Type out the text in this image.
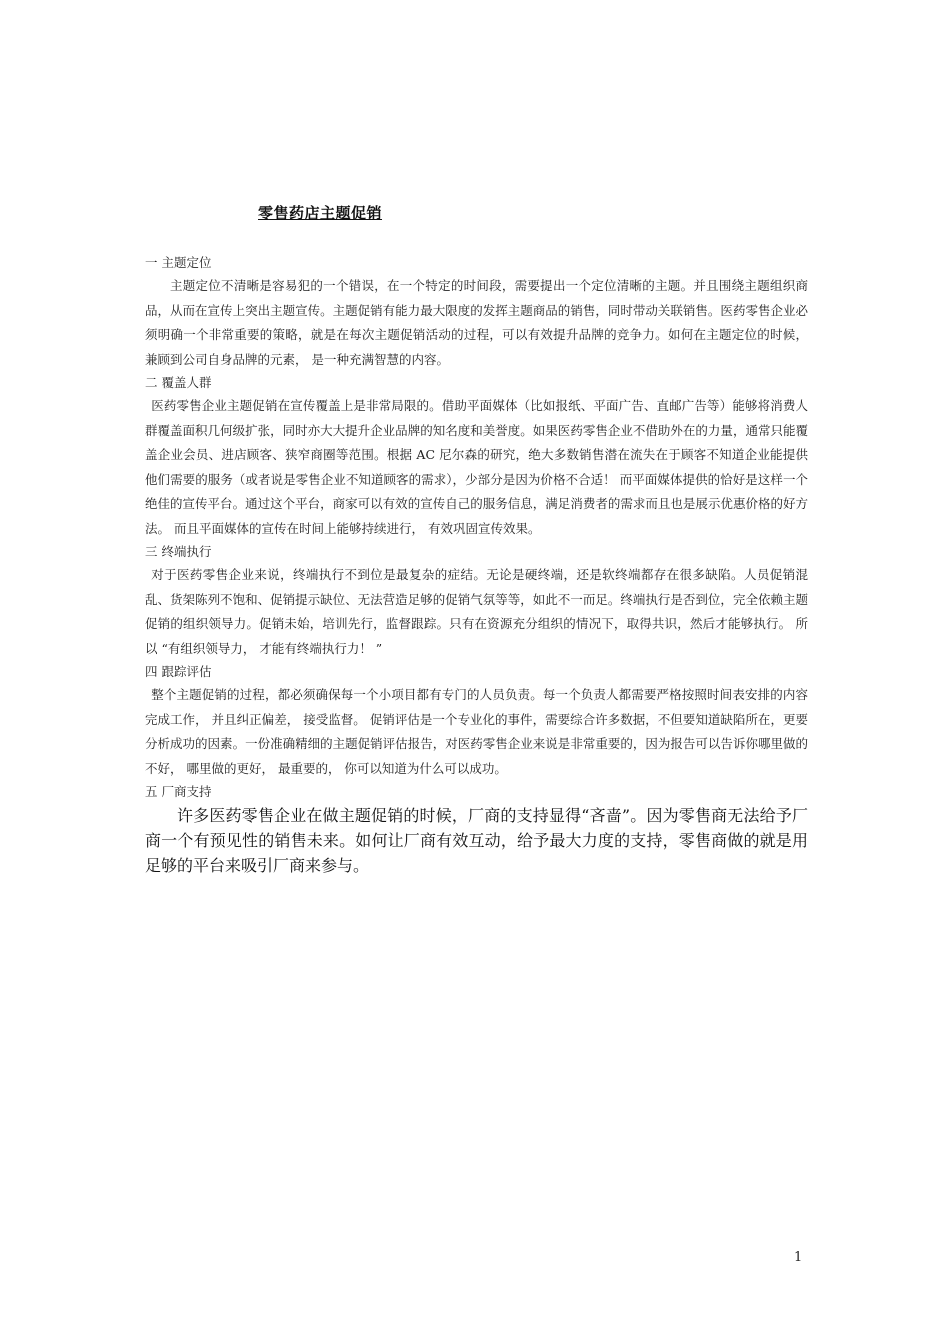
零售药店主题促销
一 主题定位

主题定位不清晰是容易犯的一个错误，在一个特定的时间段，需要提出一个定位清晰的主题。并且围绕主题组织商品，从而在宣传上突出主题宣传。主题促销有能力最大限度的发挥主题商品的销售，同时带动关联销售。医药零售企业必须明确一个非常重要的策略，就是在每次主题促销活动的过程，可以有效提升品牌的竞争力。如何在主题定位的时候， 兼顾到公司自身品牌的元素， 是一种充满智慧的内容。

二 覆盖人群

医药零售企业主题促销在宣传覆盖上是非常局限的。借助平面媒体（比如报纸、平面广告、直邮广告等）能够将消费人群覆盖面积几何级扩张，同时亦大大提升企业品牌的知名度和美誉度。如果医药零售企业不借助外在的力量，通常只能覆盖企业会员、进店顾客、狭窄商圈等范围。根据 AC 尼尔森的研究，绝大多数销售潜在流失在于顾客不知道企业能提供他们需要的服务（或者说是零售企业不知道顾客的需求），少部分是因为价格不合适！ 而平面媒体提供的恰好是这样一个绝佳的宣传平台。通过这个平台，商家可以有效的宣传自己的服务信息，满足消费者的需求而且也是展示优惠价格的好方法。 而且平面媒体的宣传在时间上能够持续进行， 有效巩固宣传效果。

三 终端执行

对于医药零售企业来说，终端执行不到位是最复杂的症结。无论是硬终端，还是软终端都存在很多缺陷。人员促销混乱、货架陈列不饱和、促销提示缺位、无法营造足够的促销气氛等等，如此不一而足。终端执行是否到位，完全依赖主题促销的组织领导力。促销未始，培训先行，监督跟踪。只有在资源充分组织的情况下，取得共识，然后才能够执行。 所以 “有组织领导力， 才能有终端执行力！ ”

四 跟踪评估

整个主题促销的过程，都必须确保每一个小项目都有专门的人员负责。每一个负责人都需要严格按照时间表安排的内容完成工作， 并且纠正偏差， 接受监督。 促销评估是一个专业化的事件，需要综合许多数据，不但要知道缺陷所在，更要分析成功的因素。一份准确精细的主题促销评估报告，对医药零售企业来说是非常重要的，因为报告可以告诉你哪里做的不好， 哪里做的更好， 最重要的， 你可以知道为什么可以成功。

五 厂商支持

许多医药零售企业在做主题促销的时候，厂商的支持显得“吝啬”。因为零售商无法给予厂商一个有预见性的销售未来。如何让厂商有效互动，给予最大力度的支持，零售商做的就是用足够的平台来吸引厂商来参与。

1
